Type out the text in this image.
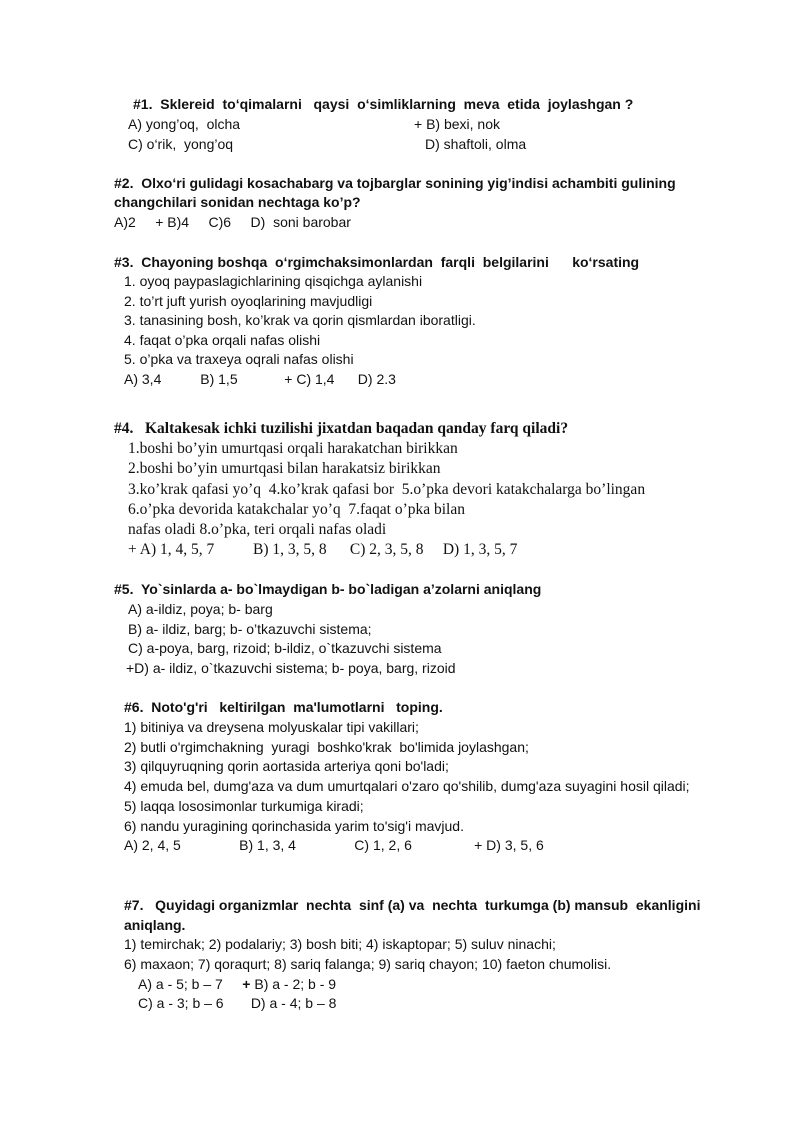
#1.  Sklereid  to‘qimalarni   qaysi  o‘simliklarning  meva  etida  joylashgan ?
A) yong’oq,  olcha	+ B) bexi, nok
C) o‘rik,  yong’oq	D) shaftoli, olma
#2.  Olxo‘ri gulidagi kosachabarg va tojbarglar sonining yig’indisi achambiti gulining
changchilari sonidan nechtaga ko’p?
A)2     + B)4     C)6     D)  soni barobar
#3.  Chayoning boshqa  o‘rgimchaksimonlardan  farqli  belgilarini      ko‘rsating
1. oyoq paypaslagichlarining qisqichga aylanishi
2. to’rt juft yurish oyoqlarining mavjudligi
3. tanasining bosh, ko’krak va qorin qismlardan iboratligi.
4. faqat o’pka orqali nafas olishi
5. o’pka va traxeya oqrali nafas olishi
A) 3,4          B) 1,5            + C) 1,4      D) 2.3
#4.   Kaltakesak ichki tuzilishi jixatdan baqadan qanday farq qiladi?
1.boshi bo’yin umurtqasi orqali harakatchan birikkan
2.boshi bo’yin umurtqasi bilan harakatsiz birikkan
3.ko’krak qafasi yo’q  4.ko’krak qafasi bor  5.o’pka devori katakchalarga bo’lingan
6.o’pka devorida katakchalar yo’q  7.faqat o’pka bilan
nafas oladi 8.o’pka, teri orqali nafas oladi
+ A) 1, 4, 5, 7          B) 1, 3, 5, 8      C) 2, 3, 5, 8     D) 1, 3, 5, 7
#5.  Yo`sinlarda a- bo`lmaydigan b- bo`ladigan a’zolarni aniqlang
A) a-ildiz, poya; b- barg
B) a- ildiz, barg; b- o’tkazuvchi sistema;
C) a-poya, barg, rizoid; b-ildiz, o`tkazuvchi sistema
+D) a- ildiz, o`tkazuvchi sistema; b- poya, barg, rizoid
#6.  Noto'g'ri   keltirilgan  ma'lumotlarni   toping.
1) bitiniya va dreysena molyuskalar tipi vakillari;
2) butli o'rgimchakning  yuragi  boshko'krak  bo'limida joylashgan;
3) qilquyruqning qorin aortasida arteriya qoni bo'ladi;
4) emuda bel, dumg'aza va dum umurtqalari o'zaro qo'shilib, dumg'aza suyagini hosil qiladi;
5) laqqa lososimonlar turkumiga kiradi;
6) nandu yuragining qorinchasida yarim to'sig'i mavjud.
A) 2, 4, 5               B) 1, 3, 4               C) 1, 2, 6                + D) 3, 5, 6
#7.   Quyidagi organizmlar  nechta  sinf (a) va  nechta  turkumga (b) mansub  ekanligini
aniqlang.
1) temirchak; 2) podalariy; 3) bosh biti; 4) iskaptopar; 5) suluv ninachi;
6) maxaon; 7) qoraqurt; 8) sariq falanga; 9) sariq chayon; 10) faeton chumolisi.
A) a - 5; b – 7     + B) a - 2; b - 9
C) a - 3; b – 6       D) a - 4; b – 8
